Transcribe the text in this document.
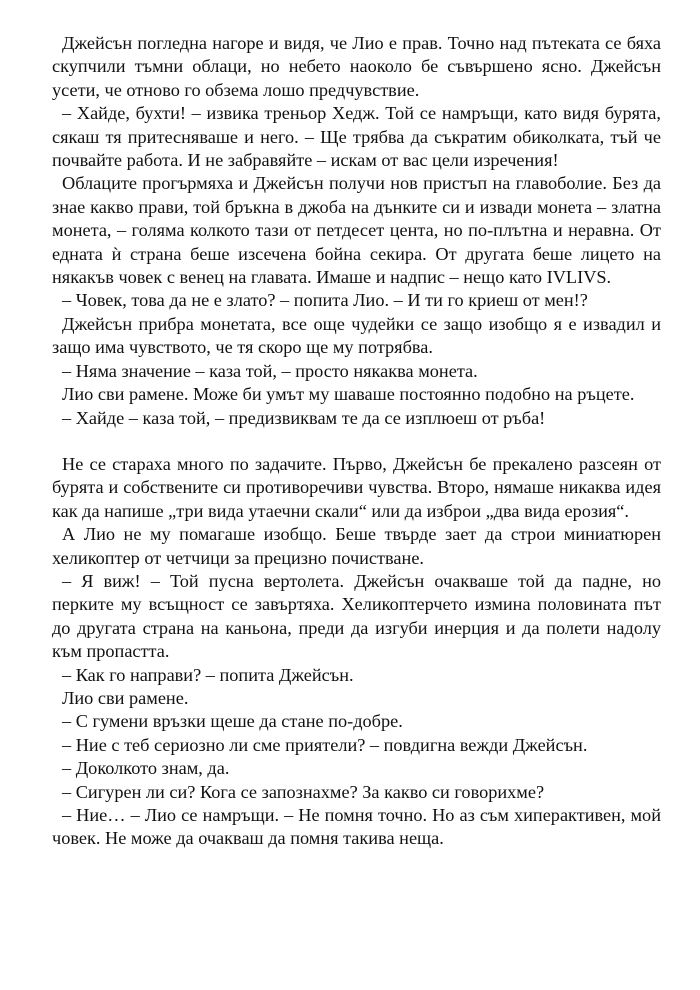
Джейсън погледна нагоре и видя, че Лио е прав. Точно над пътеката се бяха скупчили тъмни облаци, но небето наоколо бе съвършено ясно. Джейсън усети, че отново го обзема лошо предчувствие.

– Хайде, бухти! – извика треньор Хедж. Той се намръщи, като видя бурята, сякаш тя притесняваше и него. – Ще трябва да съкратим обиколката, тъй че почвайте работа. И не забравяйте – искам от вас цели изречения!

Облаците прогърмяха и Джейсън получи нов пристъп на главоболие. Без да знае какво прави, той бръкна в джоба на дънките си и извади монета – златна монета, – голяма колкото тази от петдесет цента, но по-плътна и неравна. От едната ѝ страна беше изсечена бойна секира. От другата беше лицето на някакъв човек с венец на главата. Имаше и надпис – нещо като IVLIVS.

– Човек, това да не е злато? – попита Лио. – И ти го криеш от мен!?

Джейсън прибра монетата, все още чудейки се защо изобщо я е извадил и защо има чувството, че тя скоро ще му потрябва.

– Няма значение – каза той, – просто някаква монета.

Лио сви рамене. Може би умът му шаваше постоянно подобно на ръцете.

– Хайде – каза той, – предизвиквам те да се изплюеш от ръба!

Не се стараха много по задачите. Първо, Джейсън бе прекалено разсеян от бурята и собствените си противоречиви чувства. Второ, нямаше никаква идея как да напише „три вида утаечни скали“ или да изброи „два вида ерозия“.

А Лио не му помагаше изобщо. Беше твърде зает да строи миниатюрен хеликоптер от четчици за прецизно почистване.

– Я виж! – Той пусна вертолета. Джейсън очакваше той да падне, но перките му всъщност се завъртяха. Хеликоптерчето измина половината път до другата страна на каньона, преди да изгуби инерция и да полети надолу към пропастта.

– Как го направи? – попита Джейсън.

Лио сви рамене.

– С гумени връзки щеше да стане по-добре.

– Ние с теб сериозно ли сме приятели? – повдигна вежди Джейсън.

– Доколкото знам, да.

– Сигурен ли си? Кога се запознахме? За какво си говорихме?

– Ние… – Лио се намръщи. – Не помня точно. Но аз съм хиперактивен, мой човек. Не може да очакваш да помня такива неща.
